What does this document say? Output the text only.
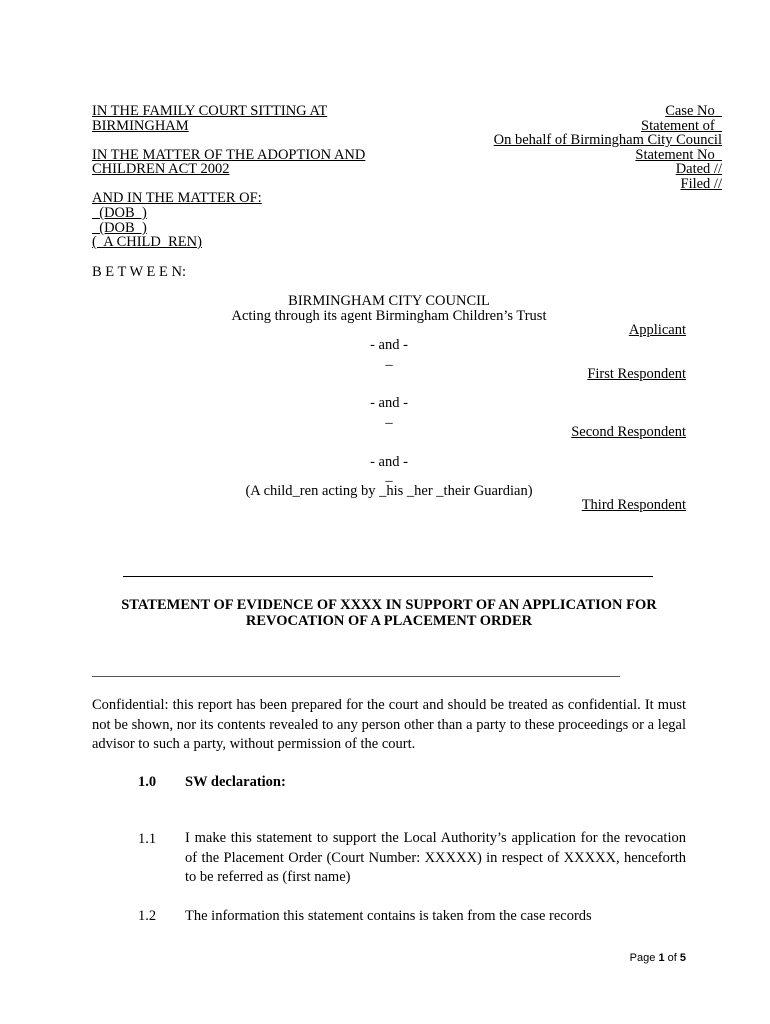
IN THE FAMILY COURT SITTING AT
BIRMINGHAM
IN THE MATTER OF THE ADOPTION AND
CHILDREN ACT 2002
AND IN THE MATTER OF:
(DOB  )
(DOB  )
(  A CHILD  REN)
Case No
Statement of
On behalf of Birmingham City Council
Statement No
Dated //
Filed //
B E T W E E N:
BIRMINGHAM CITY COUNCIL
Acting through its agent Birmingham Children’s Trust
Applicant
- and -
_
First Respondent
- and -
_
Second Respondent
- and -
_
(A child_ren acting by _his _her _their Guardian)
Third Respondent
STATEMENT OF EVIDENCE OF XXXX IN SUPPORT OF AN APPLICATION FOR
REVOCATION OF A PLACEMENT ORDER
Confidential: this report has been prepared for the court and should be treated as confidential. It must not be shown, nor its contents revealed to any person other than a party to these proceedings or a legal advisor to such a party, without permission of the court.
1.0 SW declaration:
1.1 I make this statement to support the Local Authority’s application for the revocation of the Placement Order (Court Number: XXXXX) in respect of XXXXX, henceforth to be referred as (first name)
1.2 The information this statement contains is taken from the case records
Page 1 of 5
